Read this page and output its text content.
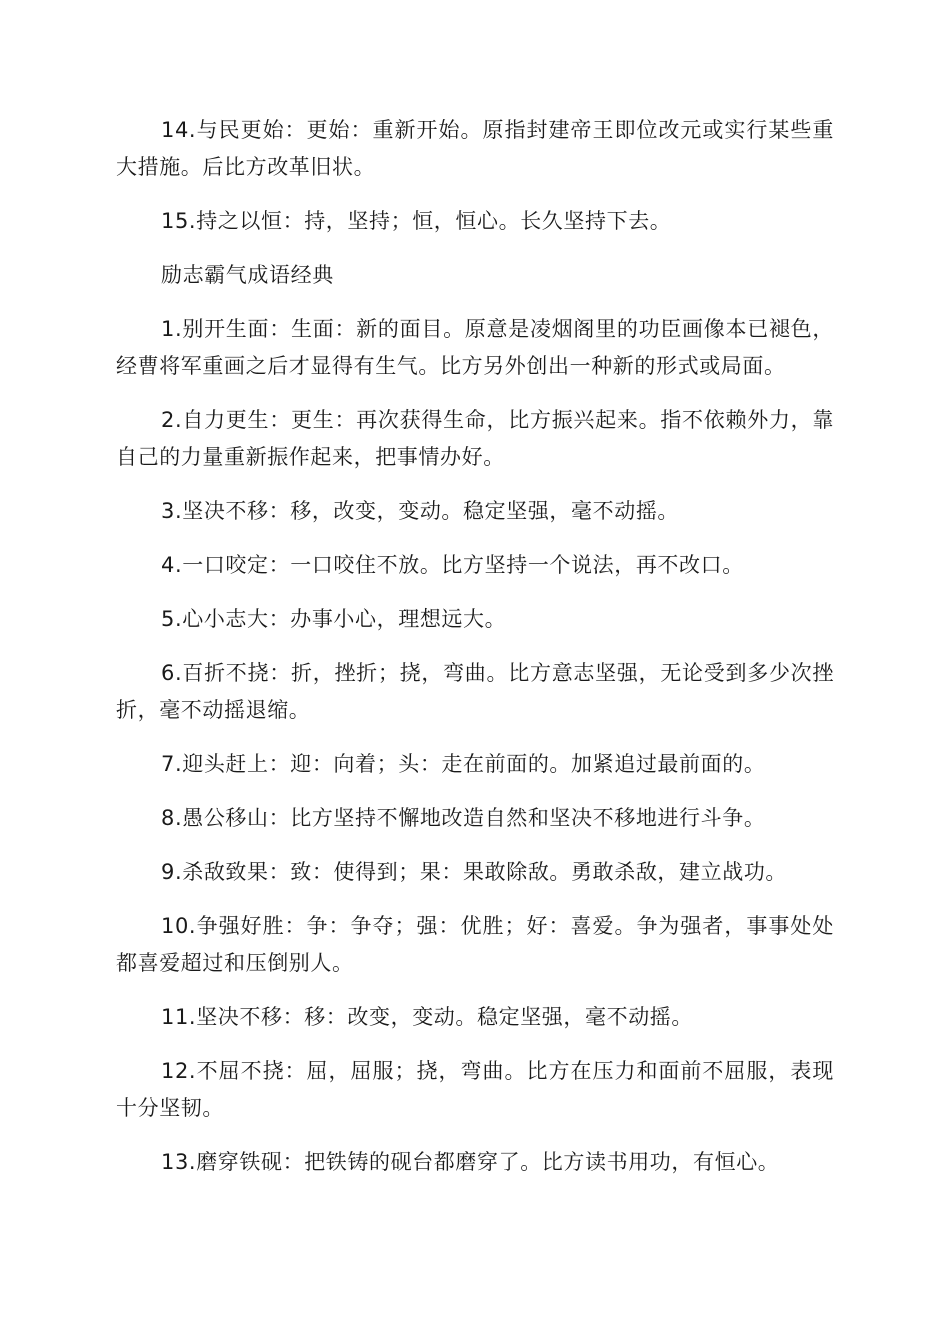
14.与民更始：更始：重新开始。原指封建帝王即位改元或实行某些重大措施。后比方改革旧状。

15.持之以恒：持，坚持；恒，恒心。长久坚持下去。

励志霸气成语经典

1.别开生面：生面：新的面目。原意是凌烟阁里的功臣画像本已褪色，经曹将军重画之后才显得有生气。比方另外创出一种新的形式或局面。

2.自力更生：更生：再次获得生命，比方振兴起来。指不依赖外力，靠自己的力量重新振作起来，把事情办好。

3.坚决不移：移，改变，变动。稳定坚强，毫不动摇。

4.一口咬定：一口咬住不放。比方坚持一个说法，再不改口。

5.心小志大：办事小心，理想远大。

6.百折不挠：折，挫折；挠，弯曲。比方意志坚强，无论受到多少次挫折，毫不动摇退缩。

7.迎头赶上：迎：向着；头：走在前面的。加紧追过最前面的。

8.愚公移山：比方坚持不懈地改造自然和坚决不移地进行斗争。

9.杀敌致果：致：使得到；果：果敢除敌。勇敢杀敌，建立战功。

10.争强好胜：争：争夺；强：优胜；好：喜爱。争为强者，事事处处都喜爱超过和压倒别人。

11.坚决不移：移：改变，变动。稳定坚强，毫不动摇。

12.不屈不挠：屈，屈服；挠，弯曲。比方在压力和面前不屈服，表现十分坚韧。

13.磨穿铁砚：把铁铸的砚台都磨穿了。比方读书用功，有恒心。
